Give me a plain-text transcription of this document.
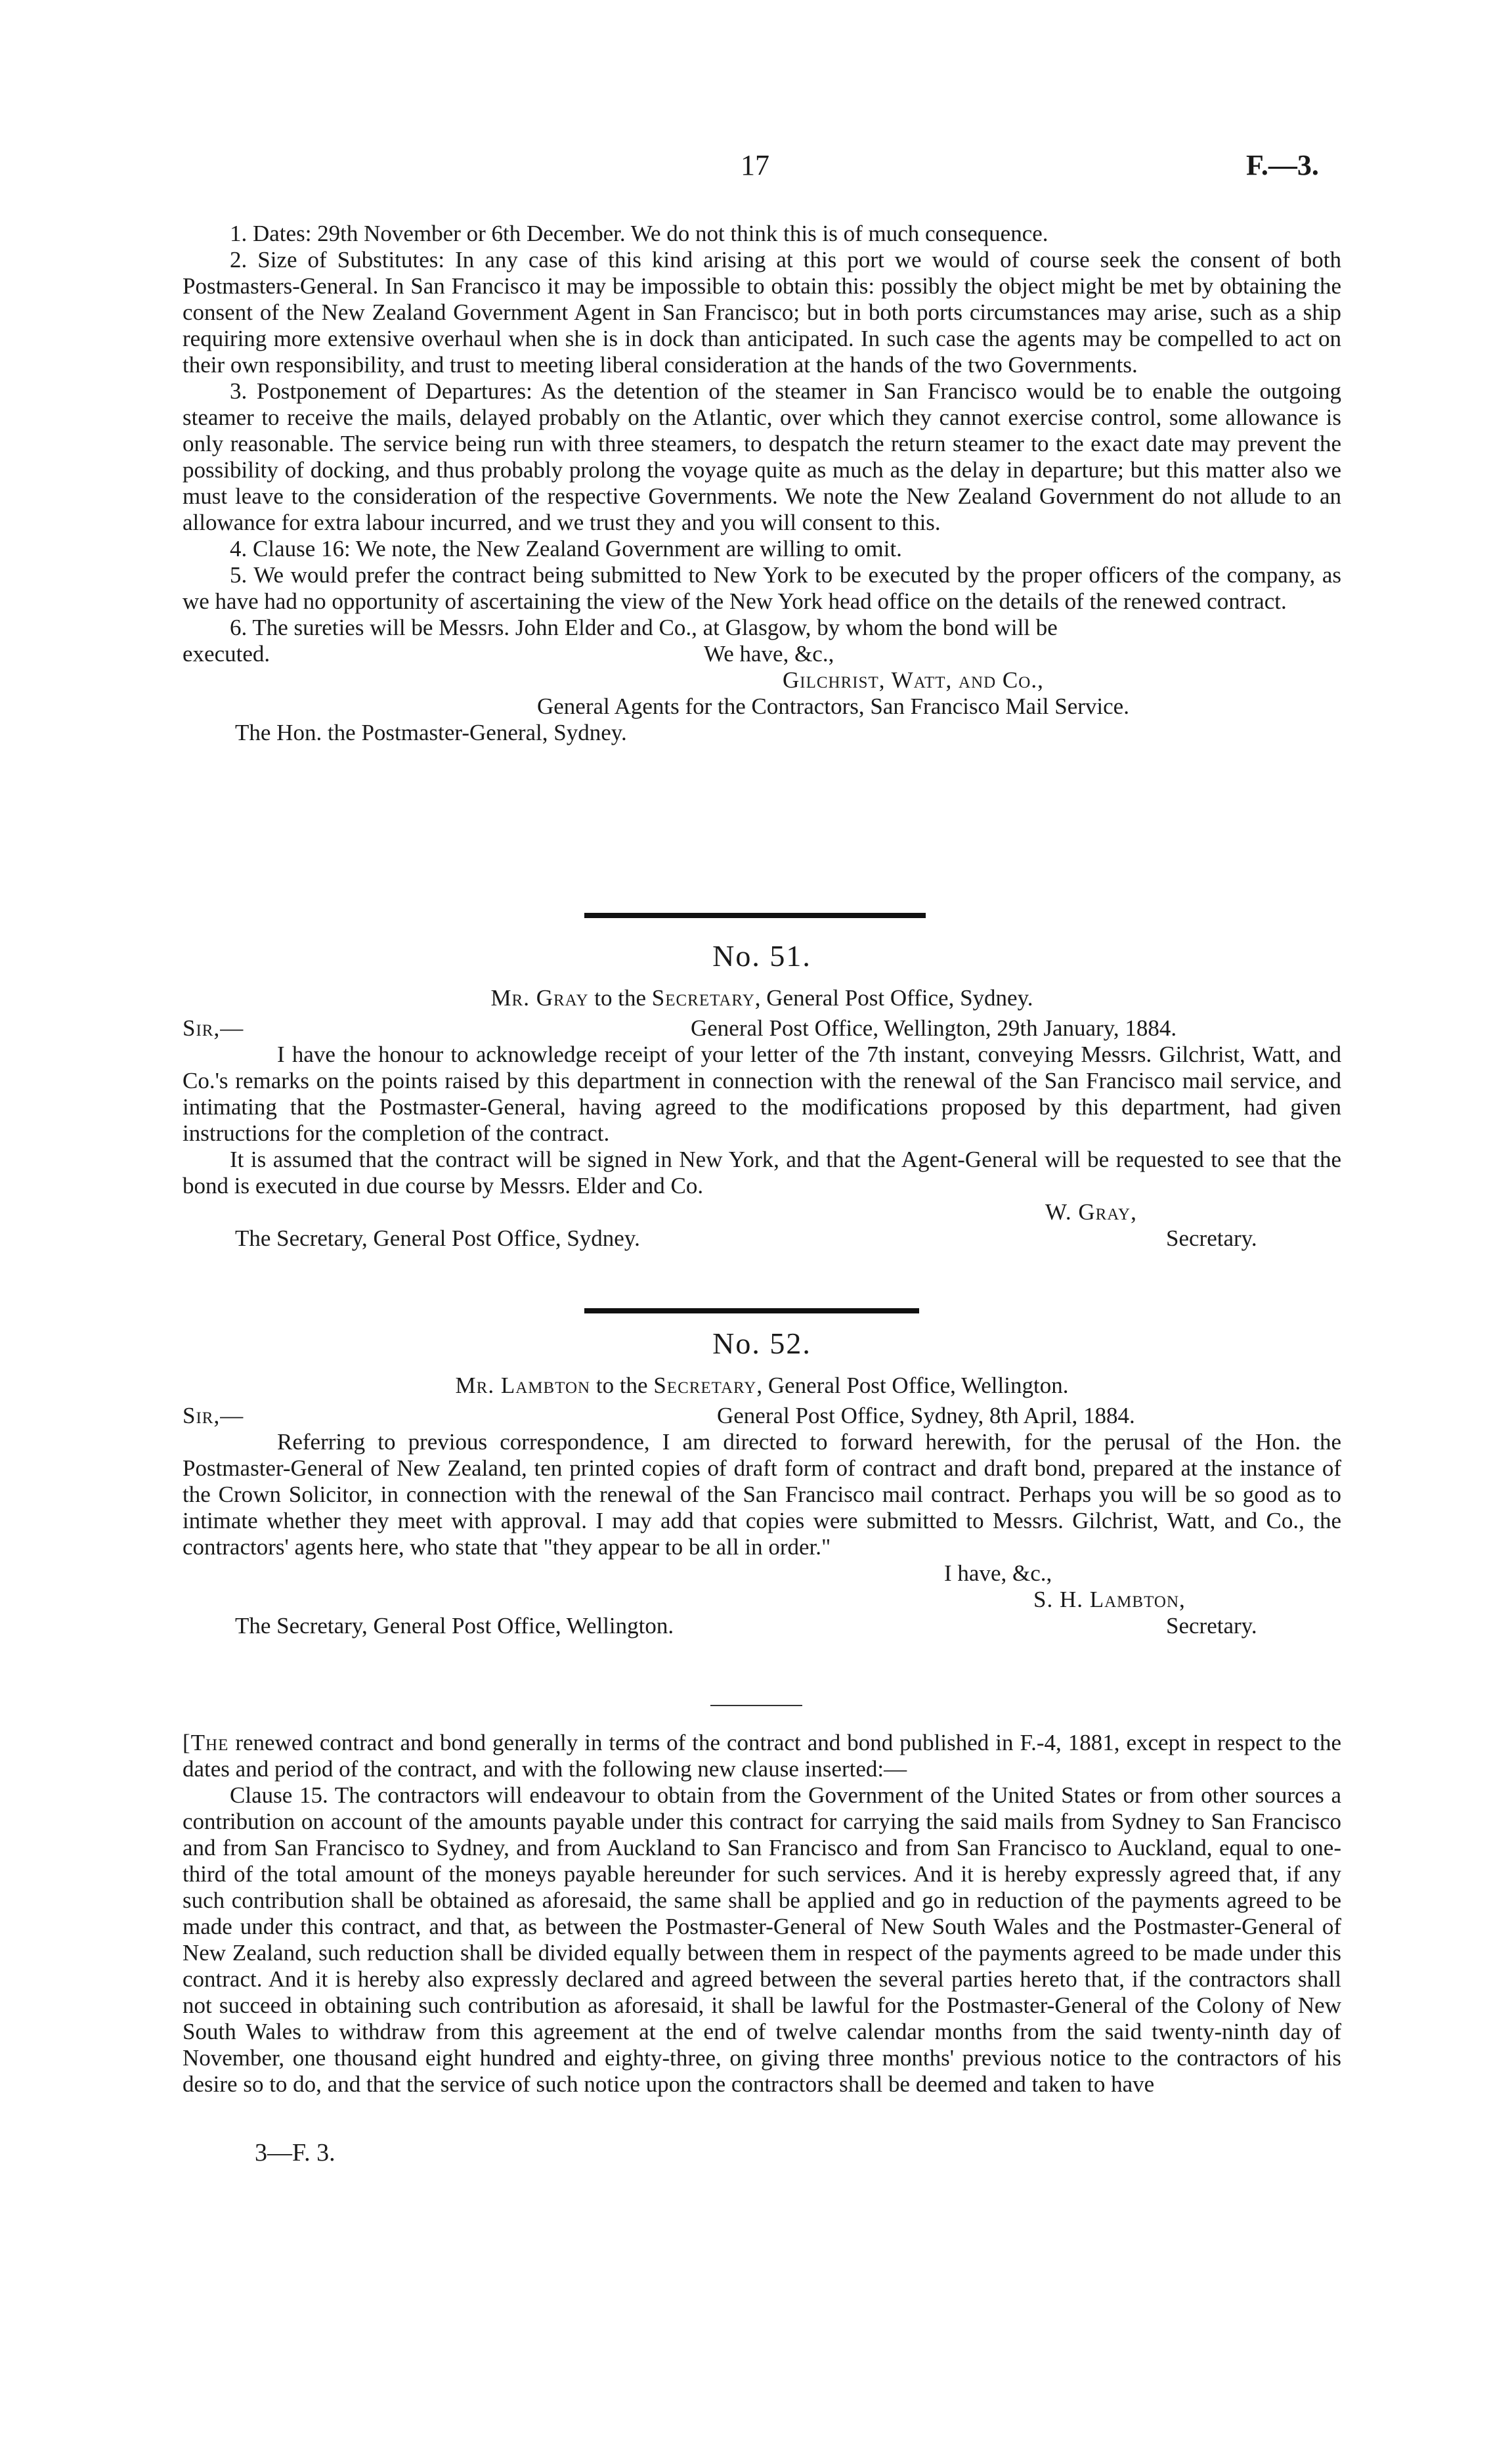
17	F.—3.

1. Dates: 29th November or 6th December. We do not think this is of much consequence.

2. Size of Substitutes: In any case of this kind arising at this port we would of course seek the consent of both Postmasters-General. In San Francisco it may be impossible to obtain this: possibly the object might be met by obtaining the consent of the New Zealand Government Agent in San Francisco; but in both ports circumstances may arise, such as a ship requiring more extensive overhaul when she is in dock than anticipated. In such case the agents may be compelled to act on their own responsibility, and trust to meeting liberal consideration at the hands of the two Governments.

3. Postponement of Departures: As the detention of the steamer in San Francisco would be to enable the outgoing steamer to receive the mails, delayed probably on the Atlantic, over which they cannot exercise control, some allowance is only reasonable. The service being run with three steamers, to despatch the return steamer to the exact date may prevent the possibility of docking, and thus probably prolong the voyage quite as much as the delay in departure; but this matter also we must leave to the consideration of the respective Governments. We note the New Zealand Government do not allude to an allowance for extra labour incurred, and we trust they and you will consent to this.

4. Clause 16: We note, the New Zealand Government are willing to omit.

5. We would prefer the contract being submitted to New York to be executed by the proper officers of the company, as we have had no opportunity of ascertaining the view of the New York head office on the details of the renewed contract.

6. The sureties will be Messrs. John Elder and Co., at Glasgow, by whom the bond will be

executed.	We have, &c.,
Gilchrist, Watt, and Co.,
General Agents for the Contractors, San Francisco Mail Service.
The Hon. the Postmaster-General, Sydney.
No. 51.
Mr. Gray to the Secretary, General Post Office, Sydney.
Sir,—	General Post Office, Wellington, 29th January, 1884.

I have the honour to acknowledge receipt of your letter of the 7th instant, conveying Messrs. Gilchrist, Watt, and Co.'s remarks on the points raised by this department in connection with the renewal of the San Francisco mail service, and intimating that the Postmaster-General, having agreed to the modifications proposed by this department, had given instructions for the completion of the contract.

It is assumed that the contract will be signed in New York, and that the Agent-General will be requested to see that the bond is executed in due course by Messrs. Elder and Co.

W. Gray,
The Secretary, General Post Office, Sydney.	Secretary.
No. 52.
Mr. Lambton to the Secretary, General Post Office, Wellington.
Sir,—	General Post Office, Sydney, 8th April, 1884.

Referring to previous correspondence, I am directed to forward herewith, for the perusal of the Hon. the Postmaster-General of New Zealand, ten printed copies of draft form of contract and draft bond, prepared at the instance of the Crown Solicitor, in connection with the renewal of the San Francisco mail contract. Perhaps you will be so good as to intimate whether they meet with approval. I may add that copies were submitted to Messrs. Gilchrist, Watt, and Co., the contractors' agents here, who state that "they appear to be all in order."

I have, &c.,
S. H. Lambton,
The Secretary, General Post Office, Wellington.	Secretary.

[The renewed contract and bond generally in terms of the contract and bond published in F.-4, 1881, except in respect to the dates and period of the contract, and with the following new clause inserted:—

Clause 15. The contractors will endeavour to obtain from the Government of the United States or from other sources a contribution on account of the amounts payable under this contract for carrying the said mails from Sydney to San Francisco and from San Francisco to Sydney, and from Auckland to San Francisco and from San Francisco to Auckland, equal to one-third of the total amount of the moneys payable hereunder for such services. And it is hereby expressly agreed that, if any such contribution shall be obtained as aforesaid, the same shall be applied and go in reduction of the payments agreed to be made under this contract, and that, as between the Postmaster-General of New South Wales and the Postmaster-General of New Zealand, such reduction shall be divided equally between them in respect of the payments agreed to be made under this contract. And it is hereby also expressly declared and agreed between the several parties hereto that, if the contractors shall not succeed in obtaining such contribution as aforesaid, it shall be lawful for the Postmaster-General of the Colony of New South Wales to withdraw from this agreement at the end of twelve calendar months from the said twenty-ninth day of November, one thousand eight hundred and eighty-three, on giving three months' previous notice to the contractors of his desire so to do, and that the service of such notice upon the contractors shall be deemed and taken to have

3—F. 3.
